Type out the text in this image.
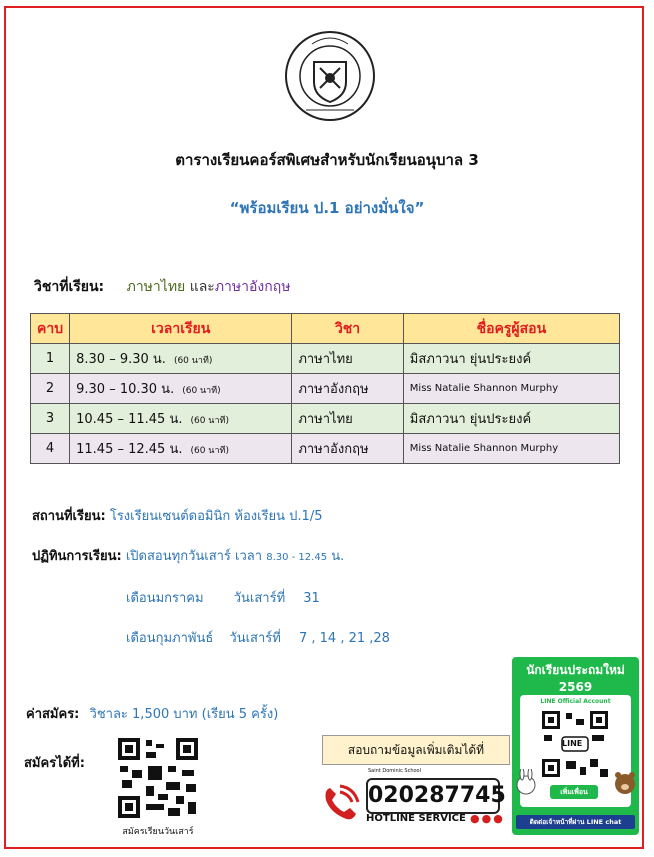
ตารางเรียนคอร์สพิเศษสำหรับนักเรียนอนุบาล 3
“พร้อมเรียน ป.1 อย่างมั่นใจ”
วิชาที่เรียน: ภาษาไทย และภาษาอังกฤษ
คาบ	เวลาเรียน	วิชา	ชื่อครูผู้สอน
1	8.30 – 9.30 น. (60 นาที)	ภาษาไทย	มิสภาวนา ยุ่นประยงค์
2	9.30 – 10.30 น. (60 นาที)	ภาษาอังกฤษ	Miss Natalie Shannon Murphy
3	10.45 – 11.45 น. (60 นาที)	ภาษาไทย	มิสภาวนา ยุ่นประยงค์
4	11.45 – 12.45 น. (60 นาที)	ภาษาอังกฤษ	Miss Natalie Shannon Murphy
สถานที่เรียน: โรงเรียนเซนต์ดอมินิก ห้องเรียน ป.1/5
ปฏิทินการเรียน: เปิดสอนทุกวันเสาร์ เวลา 8.30 - 12.45 น.
เดือนมกราคม วันเสาร์ที่ 31
เดือนกุมภาพันธ์ วันเสาร์ที่ 7 , 14 , 21 ,28
ค่าสมัคร: วิชาละ 1,500 บาท (เรียน 5 ครั้ง)
สมัครได้ที่:
สมัครเรียนวันเสาร์
สอบถามข้อมูลเพิ่มเติมได้ที่
Saint Dominic School
020287745
HOTLINE SERVICE ●●●
นักเรียนประถมใหม่
2569
LINE Official Account
LINE
เพิ่มเพื่อน
ติดต่อเจ้าหน้าที่ผ่าน LINE chat
